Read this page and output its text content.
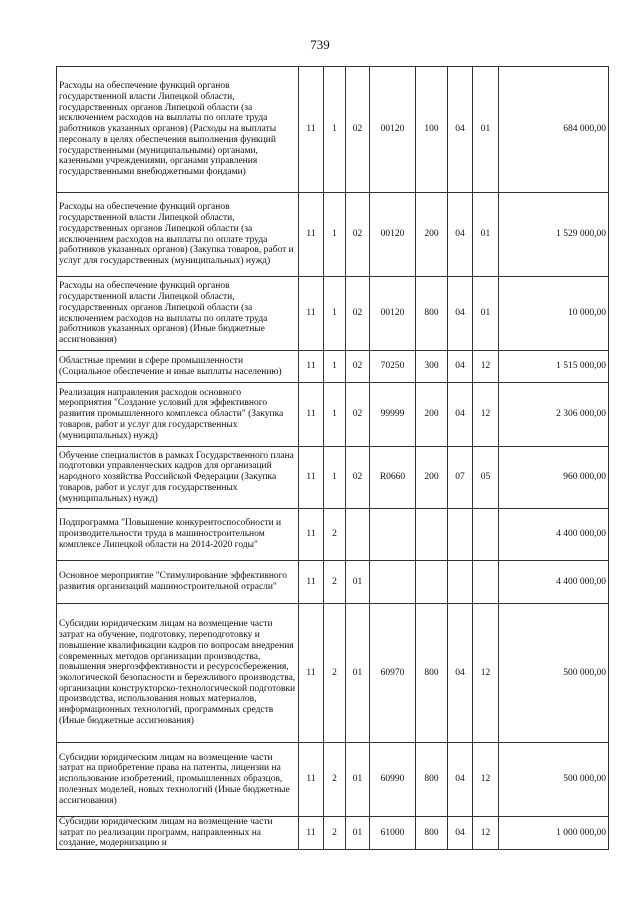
739
Расходы на обеспечение функций органов государственной власти Липецкой области, государственных органов Липецкой области (за исключением расходов на выплаты по оплате труда работников указанных органов) (Расходы на выплаты персоналу в целях обеспечения выполнения функций государственными (муниципальными) органами, казенными учреждениями, органами управления государственными внебюджетными фондами)	11	1	02	00120	100	04	01	684 000,00
Расходы на обеспечение функций органов государственной власти Липецкой области, государственных органов Липецкой области (за исключением расходов на выплаты по оплате труда работников указанных органов) (Закупка товаров, работ и услуг для государственных (муниципальных) нужд)	11	1	02	00120	200	04	01	1 529 000,00
Расходы на обеспечение функций органов государственной власти Липецкой области, государственных органов Липецкой области (за исключением расходов на выплаты по оплате труда работников указанных органов) (Иные бюджетные ассигнования)	11	1	02	00120	800	04	01	10 000,00
Областные премии в сфере промышленности (Социальное обеспечение и иные выплаты населению)	11	1	02	70250	300	04	12	1 515 000,00
Реализация направления расходов основного мероприятия "Создание условий для эффективного развития промышленного комплекса области" (Закупка товаров, работ и услуг для государственных (муниципальных) нужд)	11	1	02	99999	200	04	12	2 306 000,00
Обучение специалистов в рамках Государственного плана подготовки управленческих кадров для организаций народного хозяйства Российской Федерации (Закупка товаров, работ и услуг для государственных (муниципальных) нужд)	11	1	02	R0660	200	07	05	960 000,00
Подпрограмма "Повышение конкурентоспособности и производительности труда в машиностроительном комплексе Липецкой области на 2014-2020 годы"	11	2						4 400 000,00
Основное мероприятие "Стимулирование эффективного развития организаций машиностроительной отрасли"	11	2	01					4 400 000,00
Субсидии юридическим лицам на возмещение части затрат на обучение, подготовку, переподготовку и повышение квалификации кадров по вопросам внедрения современных методов организации производства, повышения энергоэффективности и ресурсосбережения, экологической безопасности и бережливого производства, организации конструкторско-технологической подготовки производства, использования новых материалов, информационных технологий, программных средств (Иные бюджетные ассигнования)	11	2	01	60970	800	04	12	500 000,00
Субсидии юридическим лицам на возмещение части затрат на приобретение права на патенты, лицензии на использование изобретений, промышленных образцов, полезных моделей, новых технологий (Иные бюджетные ассигнования)	11	2	01	60990	800	04	12	500 000,00
Субсидии юридическим лицам на возмещение части затрат по реализации программ, направленных на создание, модернизацию и	11	2	01	61000	800	04	12	1 000 000,00
